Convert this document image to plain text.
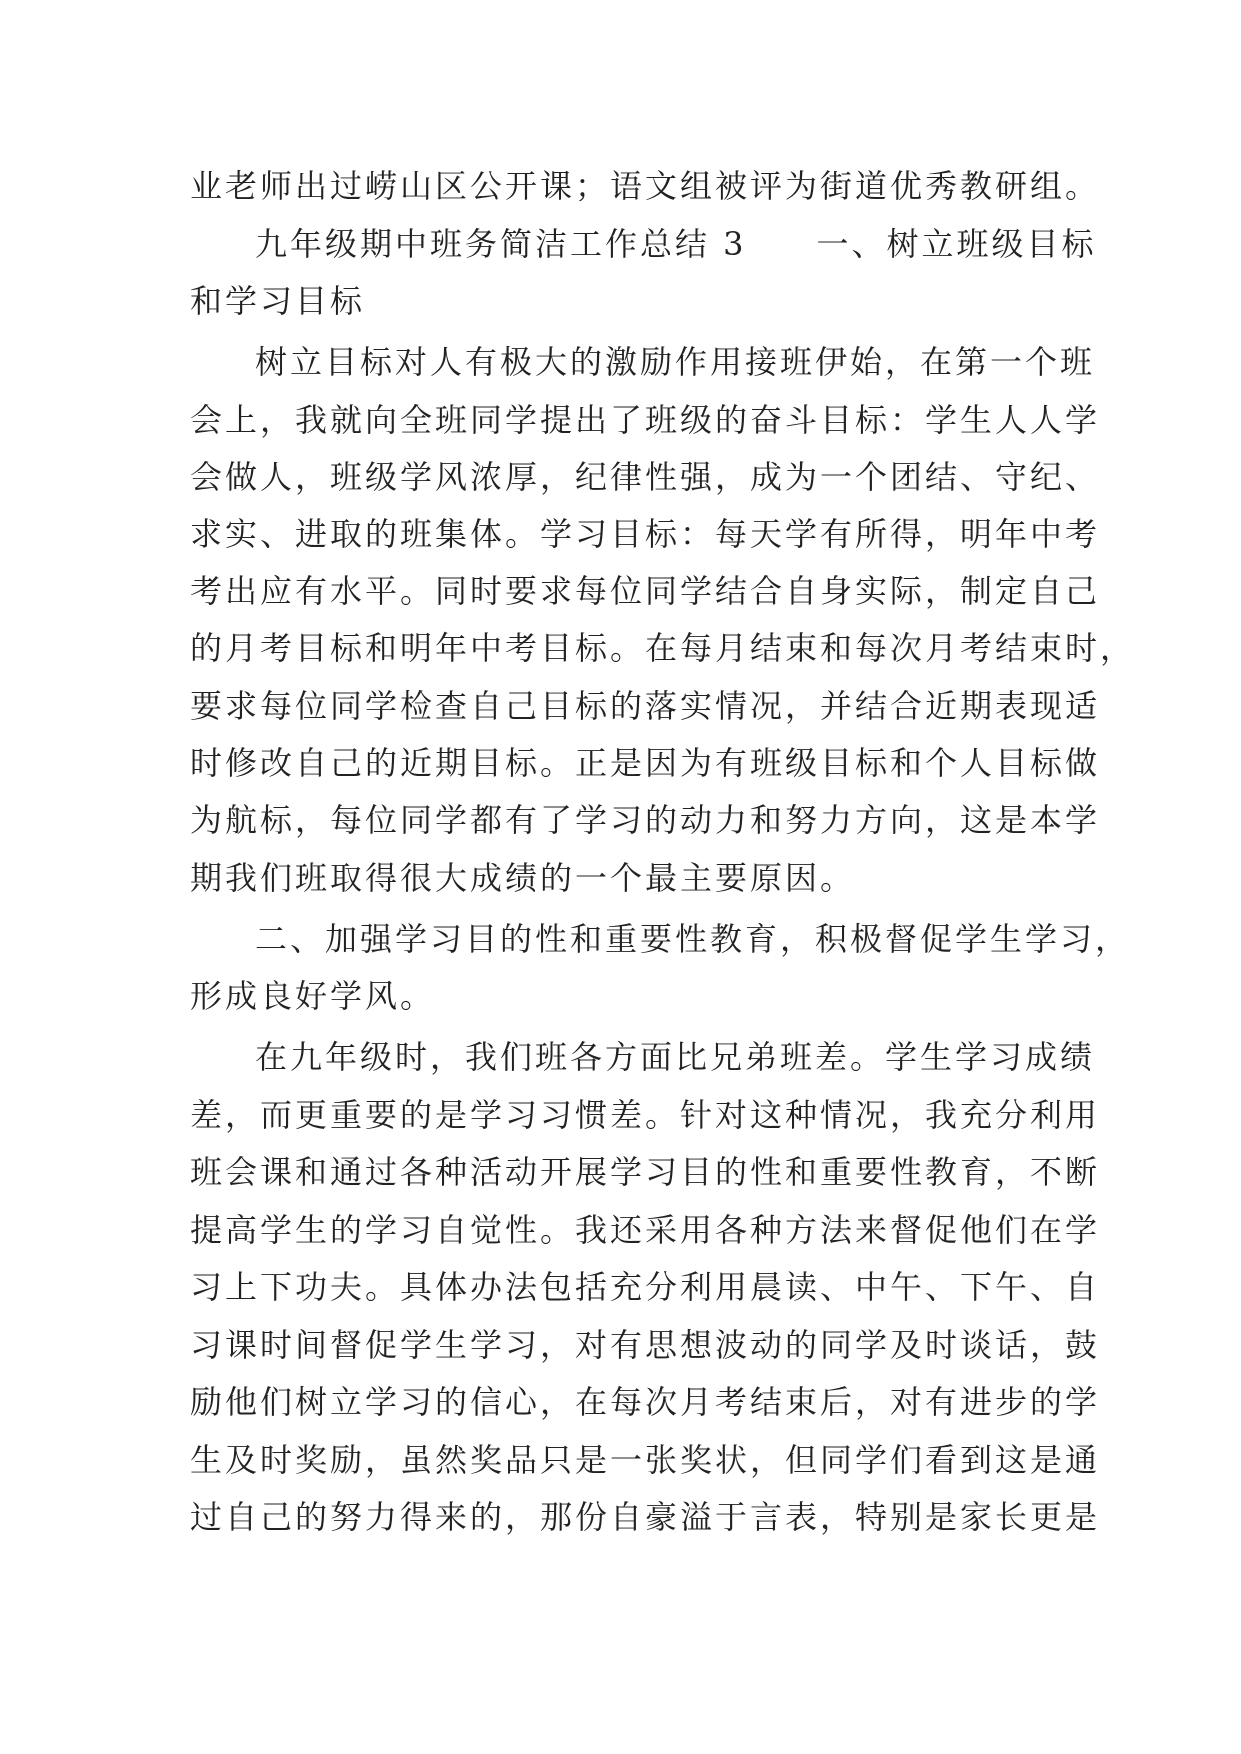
业老师出过崂山区公开课；语文组被评为街道优秀教研组。
九年级期中班务简洁工作总结 3　　一、树立班级目标
和学习目标
树立目标对人有极大的激励作用接班伊始，在第一个班
会上，我就向全班同学提出了班级的奋斗目标：学生人人学
会做人，班级学风浓厚，纪律性强，成为一个团结、守纪、
求实、进取的班集体。学习目标：每天学有所得，明年中考
考出应有水平。同时要求每位同学结合自身实际，制定自己
的月考目标和明年中考目标。在每月结束和每次月考结束时，
要求每位同学检查自己目标的落实情况，并结合近期表现适
时修改自己的近期目标。正是因为有班级目标和个人目标做
为航标，每位同学都有了学习的动力和努力方向，这是本学
期我们班取得很大成绩的一个最主要原因。
二、加强学习目的性和重要性教育，积极督促学生学习，
形成良好学风。
在九年级时，我们班各方面比兄弟班差。学生学习成绩
差，而更重要的是学习习惯差。针对这种情况，我充分利用
班会课和通过各种活动开展学习目的性和重要性教育，不断
提高学生的学习自觉性。我还采用各种方法来督促他们在学
习上下功夫。具体办法包括充分利用晨读、中午、下午、自
习课时间督促学生学习，对有思想波动的同学及时谈话，鼓
励他们树立学习的信心，在每次月考结束后，对有进步的学
生及时奖励，虽然奖品只是一张奖状，但同学们看到这是通
过自己的努力得来的，那份自豪溢于言表，特别是家长更是
